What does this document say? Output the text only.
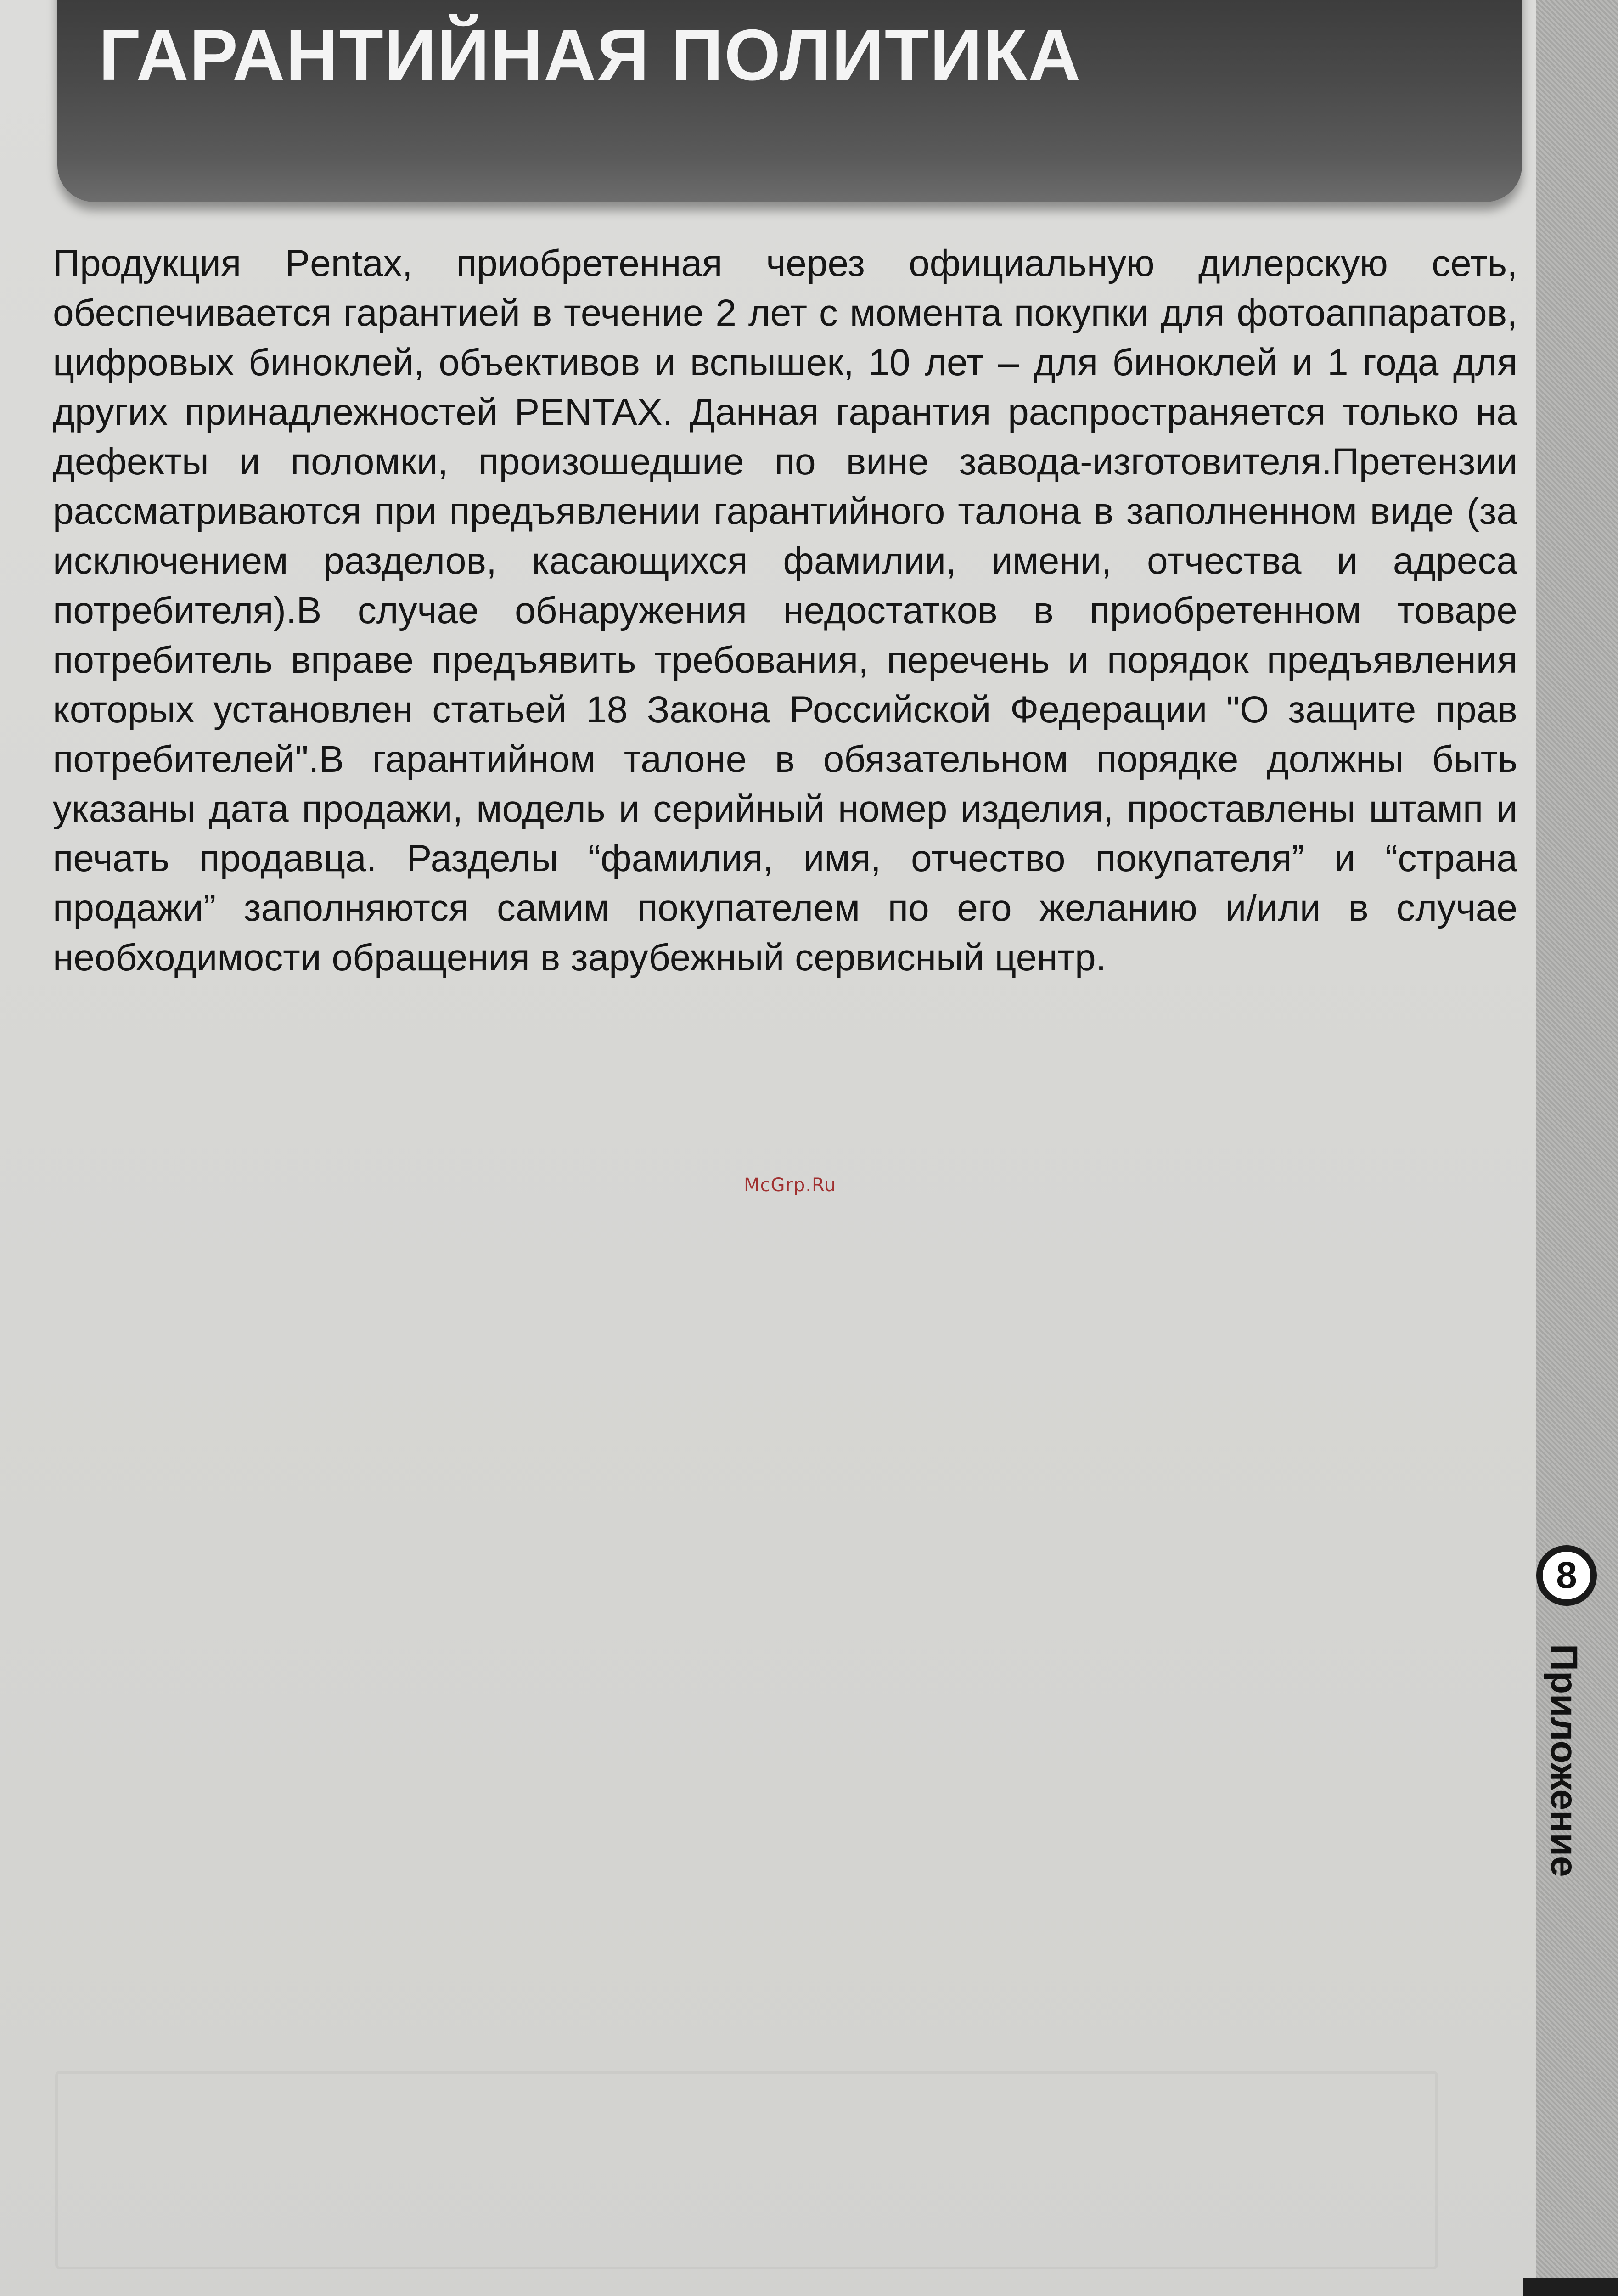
ГАРАНТИЙНАЯ ПОЛИТИКА

Продукция Pentax, приобретенная через официальную дилерскую сеть, обеспечивается гарантией в течение 2 лет с момента покупки для фотоаппаратов, цифровых биноклей, объективов и вспышек, 10 лет – для биноклей и 1 года для других принадлежностей PENTAX. Данная гарантия распространяется только на дефекты и поломки, произошедшие по вине завода-изготовителя.Претензии рассматриваются при предъявлении гарантийного талона в заполненном виде (за исключением разделов, касающихся фамилии, имени, отчества и адреса потребителя).В случае обнаружения недостатков в приобретенном товаре потребитель вправе предъявить требования, перечень и порядок предъявления которых установлен статьей 18 Закона Российской Федерации "О защите прав потребителей".В гарантийном талоне в обязательном порядке должны быть указаны дата продажи, модель и серийный номер изделия, проставлены штамп и печать продавца. Разделы “фамилия, имя, отчество покупателя” и “страна продажи” заполняются самим покупателем по его желанию и/или в случае необходимости обращения в зарубежный сервисный центр.

McGrp.Ru
8
Приложение
